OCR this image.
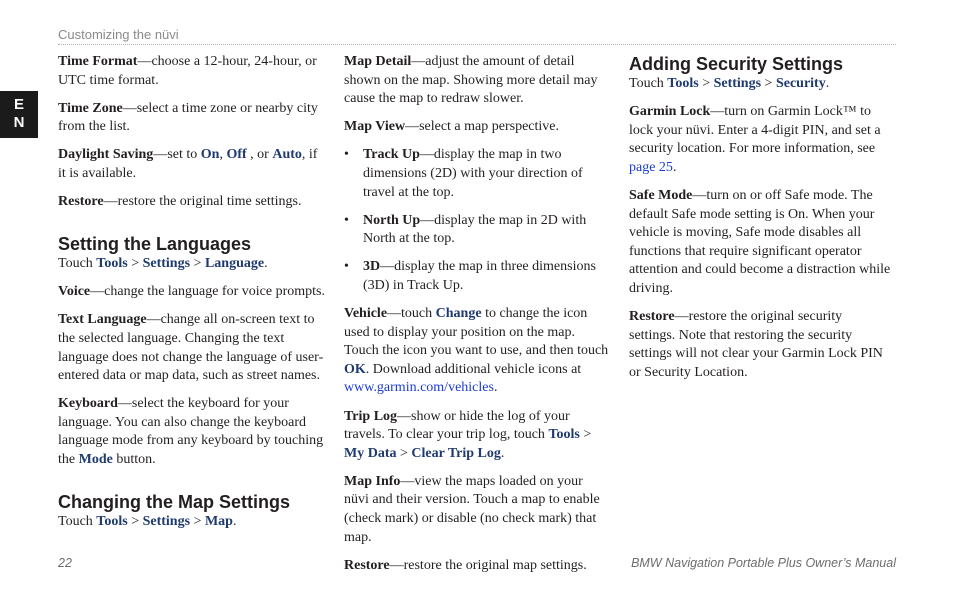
Customizing the nüvi
E
N

Time Format—choose a 12-hour, 24-hour, or UTC time format.

Time Zone—select a time zone or nearby city from the list.

Daylight Saving—set to On, Off , or Auto, if it is available.

Restore—restore the original time settings.

Setting the Languages

Touch Tools > Settings > Language.

Voice—change the language for voice prompts.

Text Language—change all on-screen text to the selected language. Changing the text language does not change the language of user-entered data or map data, such as street names.

Keyboard—select the keyboard for your language. You can also change the keyboard language mode from any keyboard by touching the Mode button.

Changing the Map Settings

Touch Tools > Settings > Map.

Map Detail—adjust the amount of detail shown on the map. Showing more detail may cause the map to redraw slower.

Map View—select a map perspective.

• Track Up—display the map in two dimensions (2D) with your direction of travel at the top.
• North Up—display the map in 2D with North at the top.
• 3D—display the map in three dimensions (3D) in Track Up.

Vehicle—touch Change to change the icon used to display your position on the map. Touch the icon you want to use, and then touch OK. Download additional vehicle icons at www.garmin.com/vehicles.

Trip Log—show or hide the log of your travels. To clear your trip log, touch Tools > My Data > Clear Trip Log.

Map Info—view the maps loaded on your nüvi and their version. Touch a map to enable (check mark) or disable (no check mark) that map.

Restore—restore the original map settings.

Adding Security Settings

Touch Tools > Settings > Security.

Garmin Lock—turn on Garmin Lock™ to lock your nüvi. Enter a 4-digit PIN, and set a security location. For more information, see page 25.

Safe Mode—turn on or off Safe mode. The default Safe mode setting is On. When your vehicle is moving, Safe mode disables all functions that require significant operator attention and could become a distraction while driving.

Restore—restore the original security settings. Note that restoring the security settings will not clear your Garmin Lock PIN or Security Location.

22	BMW Navigation Portable Plus Owner’s Manual
